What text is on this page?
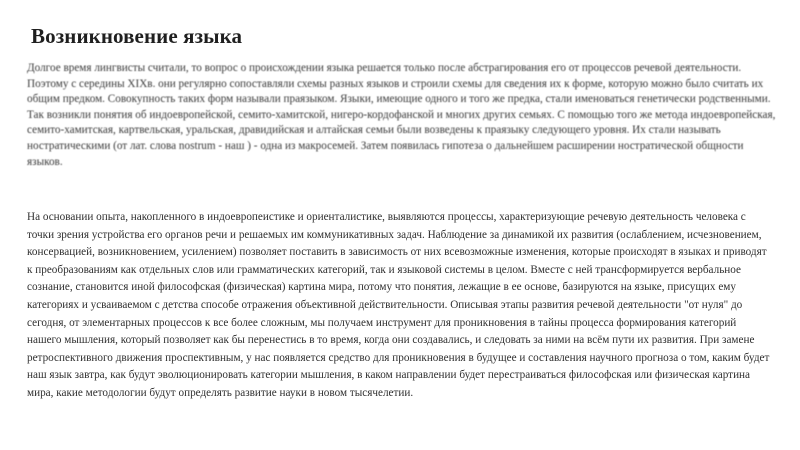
Возникновение языка

Долгое время лингвисты считали, то вопрос о происхождении языка решается только после абстрагирования его от процессов речевой деятельности. Поэтому с середины XIXв. они регулярно сопоставляли схемы разных языков и строили схемы для сведения их к форме, которую можно было считать их общим предком. Совокупность таких форм называли праязыком. Языки, имеющие одного и того же предка, стали именоваться генетически родственными. Так возникли понятия об индоевропейской, семито-хамитской, нигеро-кордофанской и многих других семьях. С помощью того же метода индоевропейская, семито-хамитская, картвельская, уральская, дравидийская и алтайская семьи были возведены к праязыку следующего уровня. Их стали называть ностратическими (от лат. слова nostrum - наш ) - одна из макросемей. Затем появилась гипотеза о дальнейшем расширении ностратической общности языков.

На основании опыта, накопленного в индоевропеистике и ориенталистике, выявляются процессы, характеризующие речевую деятельность человека с точки зрения устройства его органов речи и решаемых им коммуникативных задач. Наблюдение за динамикой их развития (ослаблением, исчезновением, консервацией, возникновением, усилением) позволяет поставить в зависимость от них всевозможные изменения, которые происходят в языках и приводят к преобразованиям как отдельных слов или грамматических категорий, так и языковой системы в целом. Вместе с ней трансформируется вербальное сознание, становится иной философская (физическая) картина мира, потому что понятия, лежащие в ее основе, базируются на языке, присущих ему категориях и усваиваемом с детства способе отражения объективной действительности. Описывая этапы развития речевой деятельности "от нуля" до сегодня, от элементарных процессов к все более сложным, мы получаем инструмент для проникновения в тайны процесса формирования категорий нашего мышления, который позволяет как бы перенестись в то время, когда они создавались, и следовать за ними на всём пути их развития. При замене ретроспективного движения проспективным, у нас появляется средство для проникновения в будущее и составления научного прогноза о том, каким будет наш язык завтра, как будут эволюционировать категории мышления, в каком направлении будет перестраиваться философская или физическая картина мира, какие методологии будут определять развитие науки в новом тысячелетии.
